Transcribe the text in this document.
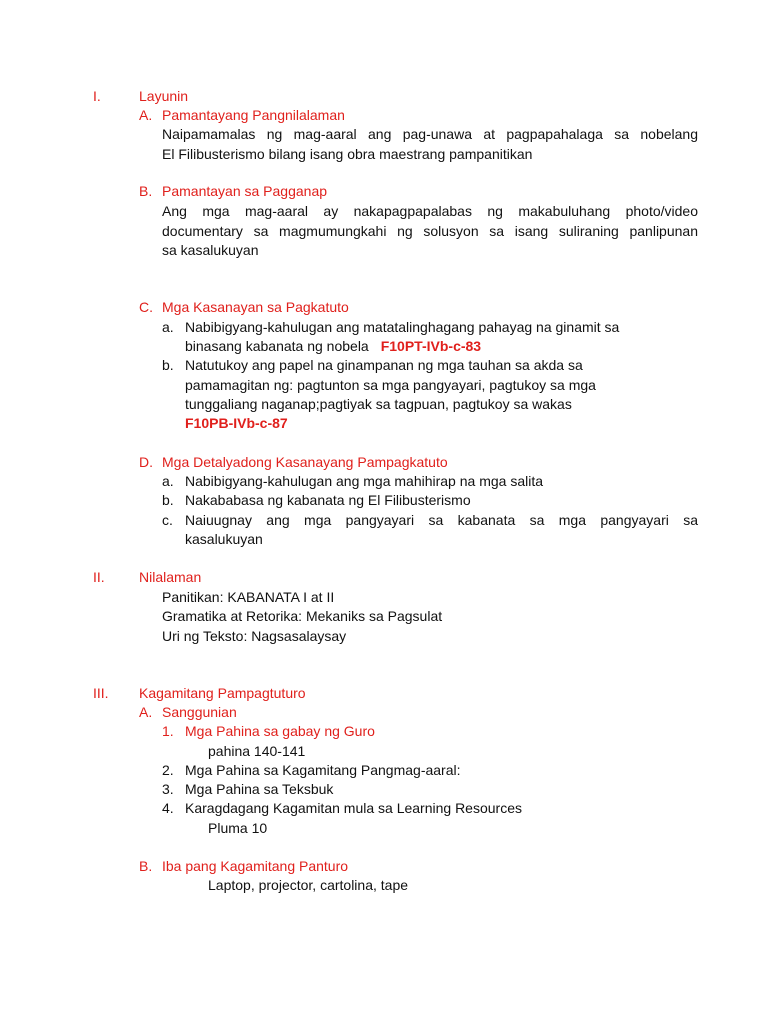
I.	Layunin
A. Pamantayang Pangnilalaman
Naipamamalas ng mag-aaral ang pag-unawa at pagpapahalaga sa nobelang
El Filibusterismo bilang isang obra maestrang pampanitikan
B. Pamantayan sa Pagganap
Ang mga mag-aaral ay nakapagpapalabas ng makabuluhang photo/video
documentary sa magmumungkahi ng solusyon sa isang suliraning panlipunan
sa kasalukuyan
C. Mga Kasanayan sa Pagkatuto
a. Nabibigyang-kahulugan ang matatalinghagang pahayag na ginamit sa
binasang kabanata ng nobela F10PT-IVb-c-83
b. Natutukoy ang papel na ginampanan ng mga tauhan sa akda sa
pamamagitan ng: pagtunton sa mga pangyayari, pagtukoy sa mga
tunggaliang naganap;pagtiyak sa tagpuan, pagtukoy sa wakas
F10PB-IVb-c-87
D. Mga Detalyadong Kasanayang Pampagkatuto
a. Nabibigyang-kahulugan ang mga mahihirap na mga salita
b. Nakababasa ng kabanata ng El Filibusterismo
c. Naiuugnay ang mga pangyayari sa kabanata sa mga pangyayari sa
kasalukuyan
II. Nilalaman
Panitikan: KABANATA I at II
Gramatika at Retorika: Mekaniks sa Pagsulat
Uri ng Teksto: Nagsasalaysay
III. Kagamitang Pampagtuturo
A. Sanggunian
1. Mga Pahina sa gabay ng Guro
pahina 140-141
2. Mga Pahina sa Kagamitang Pangmag-aaral:
3. Mga Pahina sa Teksbuk
4. Karagdagang Kagamitan mula sa Learning Resources
Pluma 10
B. Iba pang Kagamitang Panturo
Laptop, projector, cartolina, tape
